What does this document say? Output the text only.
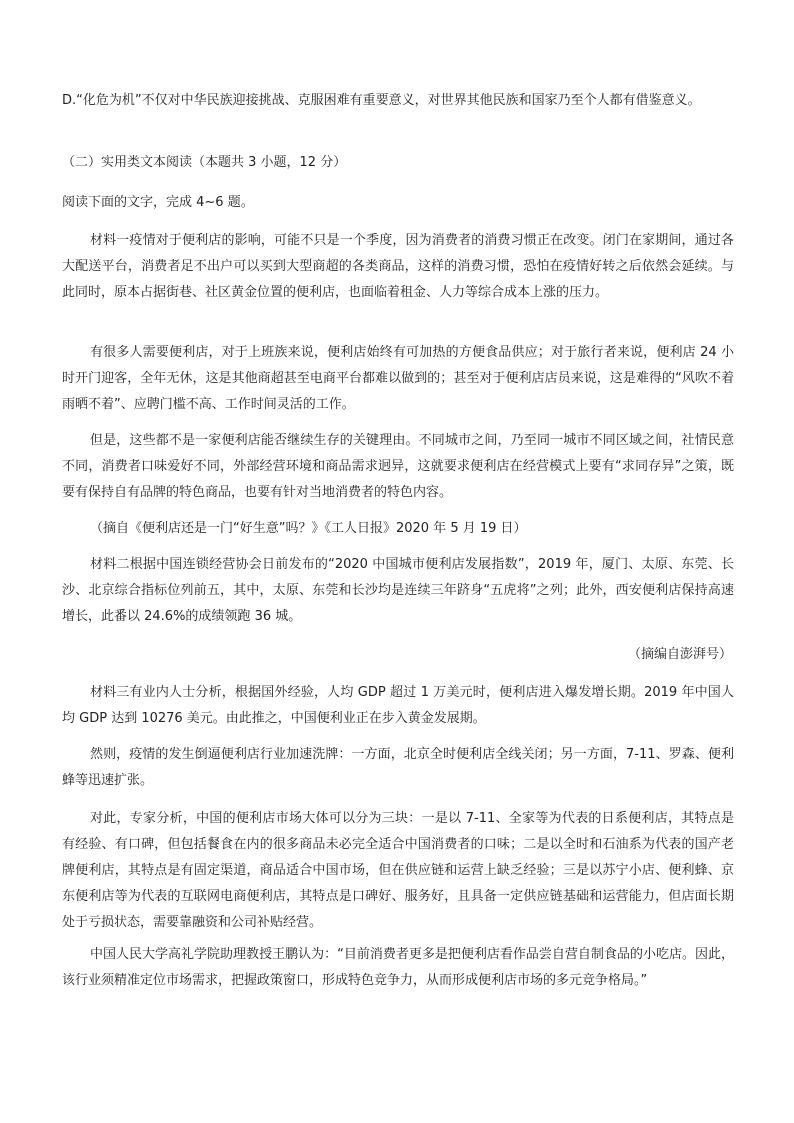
D.“化危为机”不仅对中华民族迎接挑战、克服困难有重要意义，对世界其他民族和国家乃至个人都有借鉴意义。

（二）实用类文本阅读（本题共 3 小题，12 分）

阅读下面的文字，完成 4~6 题。

材料一疫情对于便利店的影响，可能不只是一个季度，因为消费者的消费习惯正在改变。闭门在家期间，通过各大配送平台，消费者足不出户可以买到大型商超的各类商品，这样的消费习惯，恐怕在疫情好转之后依然会延续。与此同时，原本占据街巷、社区黄金位置的便利店，也面临着租金、人力等综合成本上涨的压力。

有很多人需要便利店，对于上班族来说，便利店始终有可加热的方便食品供应；对于旅行者来说，便利店 24 小时开门迎客，全年无休，这是其他商超甚至电商平台都难以做到的；甚至对于便利店店员来说，这是难得的“风吹不着雨晒不着”、应聘门槛不高、工作时间灵活的工作。

但是，这些都不是一家便利店能否继续生存的关键理由。不同城市之间，乃至同一城市不同区域之间，社情民意不同，消费者口味爱好不同，外部经营环境和商品需求迥异，这就要求便利店在经营模式上要有“求同存异”之策，既要有保持自有品牌的特色商品，也要有针对当地消费者的特色内容。

（摘自《便利店还是一门“好生意”吗？》《工人日报》2020 年 5 月 19 日）

材料二根据中国连锁经营协会日前发布的“2020 中国城市便利店发展指数”，2019 年，厦门、太原、东莞、长沙、北京综合指标位列前五，其中，太原、东莞和长沙均是连续三年跻身“五虎将”之列；此外，西安便利店保持高速增长，此番以 24.6%的成绩领跑 36 城。

（摘编自澎湃号）

材料三有业内人士分析，根据国外经验，人均 GDP 超过 1 万美元时，便利店进入爆发增长期。2019 年中国人均 GDP 达到 10276 美元。由此推之，中国便利业正在步入黄金发展期。

然则，疫情的发生倒逼便利店行业加速洗牌：一方面，北京全时便利店全线关闭；另一方面，7-11、罗森、便利蜂等迅速扩张。

对此，专家分析，中国的便利店市场大体可以分为三块：一是以 7-11、全家等为代表的日系便利店，其特点是有经验、有口碑，但包括餐食在内的很多商品未必完全适合中国消费者的口味；二是以全时和石油系为代表的国产老牌便利店，其特点是有固定渠道，商品适合中国市场，但在供应链和运营上缺乏经验；三是以苏宁小店、便利蜂、京东便利店等为代表的互联网电商便利店，其特点是口碑好、服务好，且具备一定供应链基础和运营能力，但店面长期处于亏损状态，需要靠融资和公司补贴经营。

中国人民大学高礼学院助理教授王鹏认为：“目前消费者更多是把便利店看作品尝自营自制食品的小吃店。因此，该行业须精准定位市场需求，把握政策窗口，形成特色竞争力，从而形成便利店市场的多元竞争格局。”
